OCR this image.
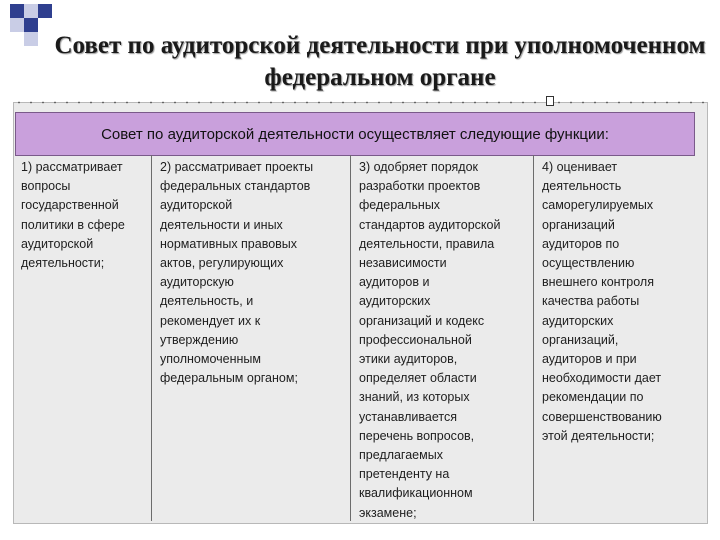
Совет по аудиторской деятельности при уполномоченном федеральном органе
Совет по аудиторской деятельности осуществляет следующие функции:

1) рассматривает
вопросы
государственной
политики в сфере
аудиторской
деятельности;

2) рассматривает проекты
федеральных стандартов
аудиторской
деятельности и иных
нормативных правовых
актов, регулирующих
аудиторскую
деятельность, и
рекомендует их к
утверждению
уполномоченным
федеральным органом;

3) одобряет порядок
разработки проектов
федеральных
стандартов аудиторской
деятельности, правила
независимости
аудиторов и
аудиторских
организаций и кодекс
профессиональной
этики аудиторов,
определяет области
знаний, из которых
устанавливается
перечень вопросов,
предлагаемых
претенденту на
квалификационном
экзамене;

4) оценивает
деятельность
саморегулируемых
организаций
аудиторов по
осуществлению
внешнего контроля
качества работы
аудиторских
организаций,
аудиторов и при
необходимости дает
рекомендации по
совершенствованию
этой деятельности;
